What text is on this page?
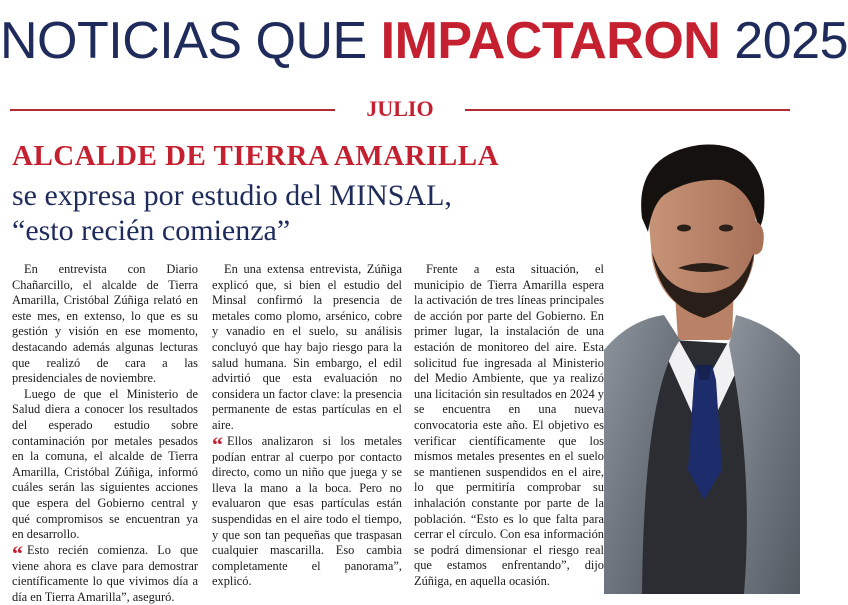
NOTICIAS QUE IMPACTARON 2025
JULIO
ALCALDE DE TIERRA AMARILLA
se expresa por estudio del MINSAL,
“esto recién comienza”

En entrevista con Diario Chañarcillo, el alcalde de Tierra Amarilla, Cristóbal Zúñiga relató en este mes, en extenso, lo que es su gestión y visión en ese momento, destacando además algunas lecturas que realizó de cara a las presidenciales de noviembre.

Luego de que el Ministerio de Salud diera a conocer los resultados del esperado estudio sobre contaminación por metales pesados en la comuna, el alcalde de Tierra Amarilla, Cristóbal Zúñiga, informó cuáles serán las siguientes acciones que espera del Gobierno central y qué compromisos se encuentran ya en desarrollo.

“ Esto recién comienza. Lo que viene ahora es clave para demostrar científicamente lo que vivimos día a día en Tierra Amarilla”, aseguró.

En una extensa entrevista, Zúñiga explicó que, si bien el estudio del Minsal confirmó la presencia de metales como plomo, arsénico, cobre y vanadio en el suelo, su análisis concluyó que hay bajo riesgo para la salud humana. Sin embargo, el edil advirtió que esta evaluación no considera un factor clave: la presencia permanente de estas partículas en el aire.

“ Ellos analizaron si los metales podían entrar al cuerpo por contacto directo, como un niño que juega y se lleva la mano a la boca. Pero no evaluaron que esas partículas están suspendidas en el aire todo el tiempo, y que son tan pequeñas que traspasan cualquier mascarilla. Eso cambia completamente el panorama”, explicó.

Frente a esta situación, el municipio de Tierra Amarilla espera la activación de tres líneas principales de acción por parte del Gobierno. En primer lugar, la instalación de una estación de monitoreo del aire. Esta solicitud fue ingresada al Ministerio del Medio Ambiente, que ya realizó una licitación sin resultados en 2024 y se encuentra en una nueva convocatoria este año. El objetivo es verificar científicamente que los mismos metales presentes en el suelo se mantienen suspendidos en el aire, lo que permitiría comprobar su inhalación constante por parte de la población. “Esto es lo que falta para cerrar el círculo. Con esa información se podrá dimensionar el riesgo real que estamos enfrentando”, dijo Zúñiga, en aquella ocasión.
